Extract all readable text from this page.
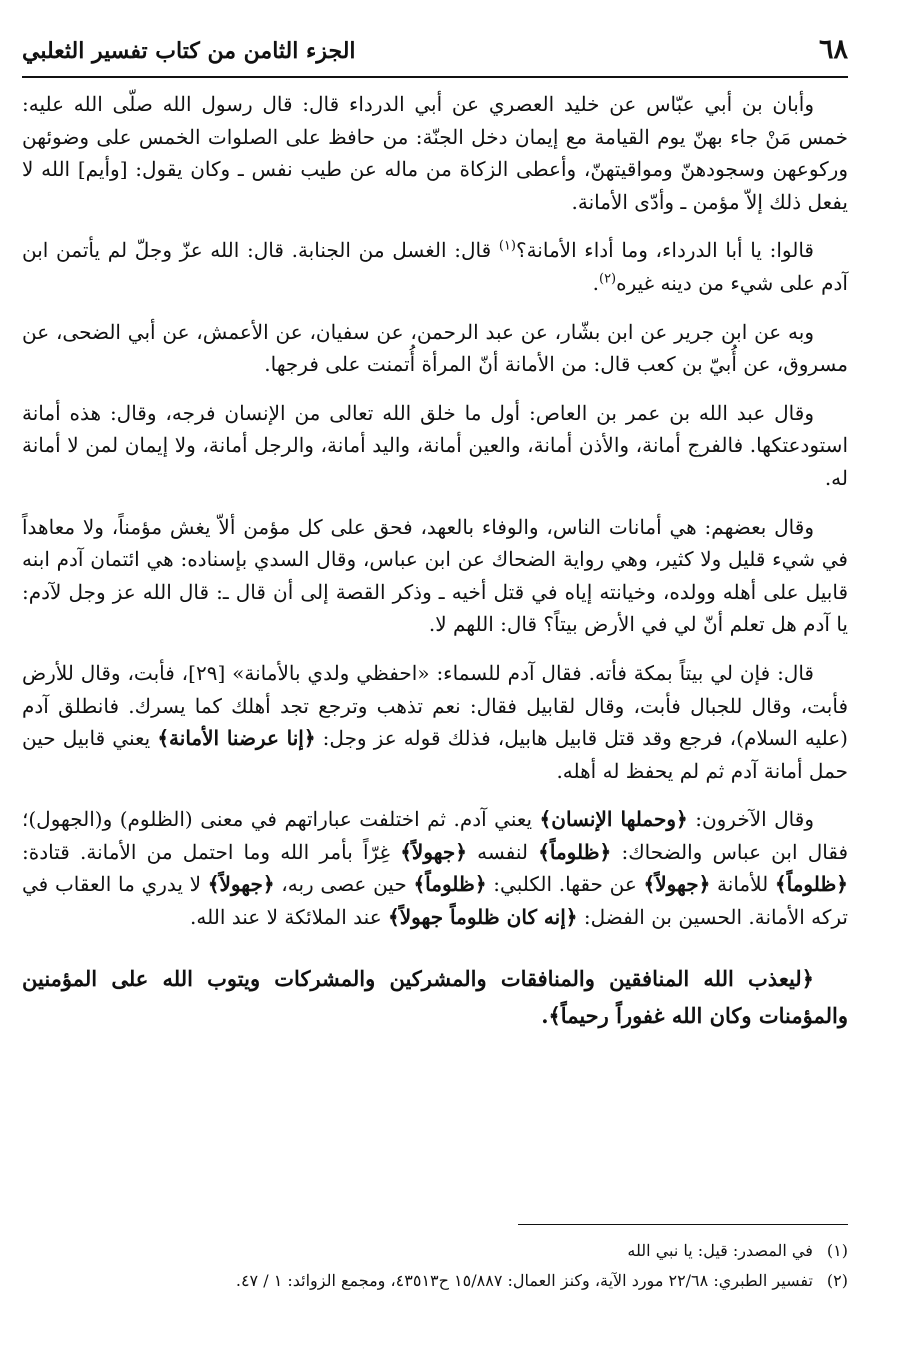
٦٨
الجزء الثامن من كتاب تفسير الثعلبي

وأبان بن أبي عبّاس عن خليد العصري عن أبي الدرداء قال: قال رسول الله صلّى الله عليه: خمس مَنْ جاء بهنّ يوم القيامة مع إيمان دخل الجنّة: من حافظ على الصلوات الخمس على وضوئهن وركوعهن وسجودهنّ ومواقيتهنّ، وأعطى الزكاة من ماله عن طيب نفس ـ وكان يقول: [وأيم] الله لا يفعل ذلك إلاّ مؤمن ـ وأدّى الأمانة.

قالوا: يا أبا الدرداء، وما أداء الأمانة؟$^{(١)}$ قال: الغسل من الجنابة. قال: الله عزّ وجلّ لم يأتمن ابن آدم على شيء من دينه غيره$^{(٢)}$.

وبه عن ابن جرير عن ابن بشّار، عن عبد الرحمن، عن سفيان، عن الأعمش، عن أبي الضحى، عن مسروق، عن أُبيّ بن كعب قال: من الأمانة أنّ المرأة أُتمنت على فرجها.

وقال عبد الله بن عمر بن العاص: أول ما خلق الله تعالى من الإنسان فرجه، وقال: هذه أمانة استودعتكها. فالفرج أمانة، والأذن أمانة، والعين أمانة، واليد أمانة، والرجل أمانة، ولا إيمان لمن لا أمانة له.

وقال بعضهم: هي أمانات الناس، والوفاء بالعهد، فحق على كل مؤمن ألاّ يغش مؤمناً، ولا معاهداً في شيء قليل ولا كثير، وهي رواية الضحاك عن ابن عباس، وقال السدي بإسناده: هي ائتمان آدم ابنه قابيل على أهله وولده، وخيانته إياه في قتل أخيه ـ وذكر القصة إلى أن قال ـ: قال الله عز وجل لآدم: يا آدم هل تعلم أنّ لي في الأرض بيتاً؟ قال: اللهم لا.

قال: فإن لي بيتاً بمكة فأته. فقال آدم للسماء: «احفظي ولدي بالأمانة» [٢٩]، فأبت، وقال للأرض فأبت، وقال للجبال فأبت، وقال لقابيل فقال: نعم تذهب وترجع تجد أهلك كما يسرك. فانطلق آدم (عليه السلام)، فرجع وقد قتل قابيل هابيل، فذلك قوله عز وجل: ﴿إنا عرضنا الأمانة﴾ يعني قابيل حين حمل أمانة آدم ثم لم يحفظ له أهله.

وقال الآخرون: ﴿وحملها الإنسان﴾ يعني آدم. ثم اختلفت عباراتهم في معنى (الظلوم) و(الجهول)؛ فقال ابن عباس والضحاك: ﴿ظلوماً﴾ لنفسه ﴿جهولاً﴾ غِرّاً بأمر الله وما احتمل من الأمانة. قتادة: ﴿ظلوماً﴾ للأمانة ﴿جهولاً﴾ عن حقها. الكلبي: ﴿ظلوماً﴾ حين عصى ربه، ﴿جهولاً﴾ لا يدري ما العقاب في تركه الأمانة. الحسين بن الفضل: ﴿إنه كان ظلوماً جهولاً﴾ عند الملائكة لا عند الله.

﴿ليعذب الله المنافقين والمنافقات والمشركين والمشركات ويتوب الله على المؤمنين والمؤمنات وكان الله غفوراً رحيماً﴾.

(١) في المصدر: قيل: يا نبي الله

(٢) تفسير الطبري: ٢٢/٦٨ مورد الآية، وكنز العمال: ١٥/٨٨٧ ح٤٣٥١٣، ومجمع الزوائد: ١ / ٤٧.
